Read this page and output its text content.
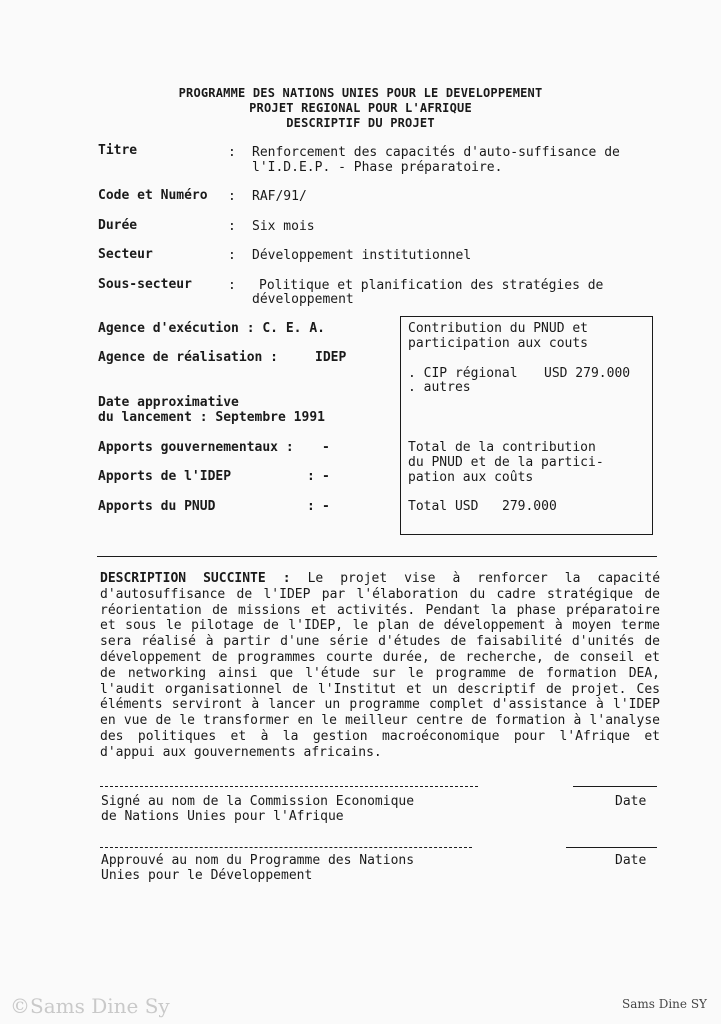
PROGRAMME DES NATIONS UNIES POUR LE DEVELOPPEMENT
PROJET REGIONAL POUR L'AFRIQUE
DESCRIPTIF DU PROJET
Titre	: Renforcement des capacités d'auto-suffisance de
l'I.D.E.P. - Phase préparatoire.
Code et Numéro : RAF/91/
Durée	: Six mois
Secteur	: Développement institutionnel
Sous-secteur	: Politique et planification des stratégies de
développement
Agence d'exécution : C. E. A.
Agence de réalisation :	IDEP
Date approximative
du lancement : Septembre 1991
Apports gouvernementaux : -
Apports de l'IDEP	: -
Apports du PNUD	: -
Contribution du PNUD et
participation aux couts
. CIP régional USD 279.000
. autres
Total de la contribution
du PNUD et de la partici-
pation aux coûts
Total USD 279.000
DESCRIPTION SUCCINTE : Le projet vise à renforcer la capacité d'autosuffisance de l'IDEP par l'élaboration du cadre stratégique de réorientation de missions et activités. Pendant la phase préparatoire et sous le pilotage de l'IDEP, le plan de développement à moyen terme sera réalisé à partir d'une série d'études de faisabilité d'unités de développement de programmes courte durée, de recherche, de conseil et de networking ainsi que l'étude sur le programme de formation DEA, l'audit organisationnel de l'Institut et un descriptif de projet. Ces éléments serviront à lancer un programme complet d'assistance à l'IDEP en vue de le transformer en le meilleur centre de formation à l'analyse des politiques et à la gestion macroéconomique pour l'Afrique et d'appui aux gouvernements africains.
Signé au nom de la Commission Economique
de Nations Unies pour l'Afrique
Date
Approuvé au nom du Programme des Nations
Unies pour le Développement
Date
©Sams Dine Sy	Sams Dine SY
